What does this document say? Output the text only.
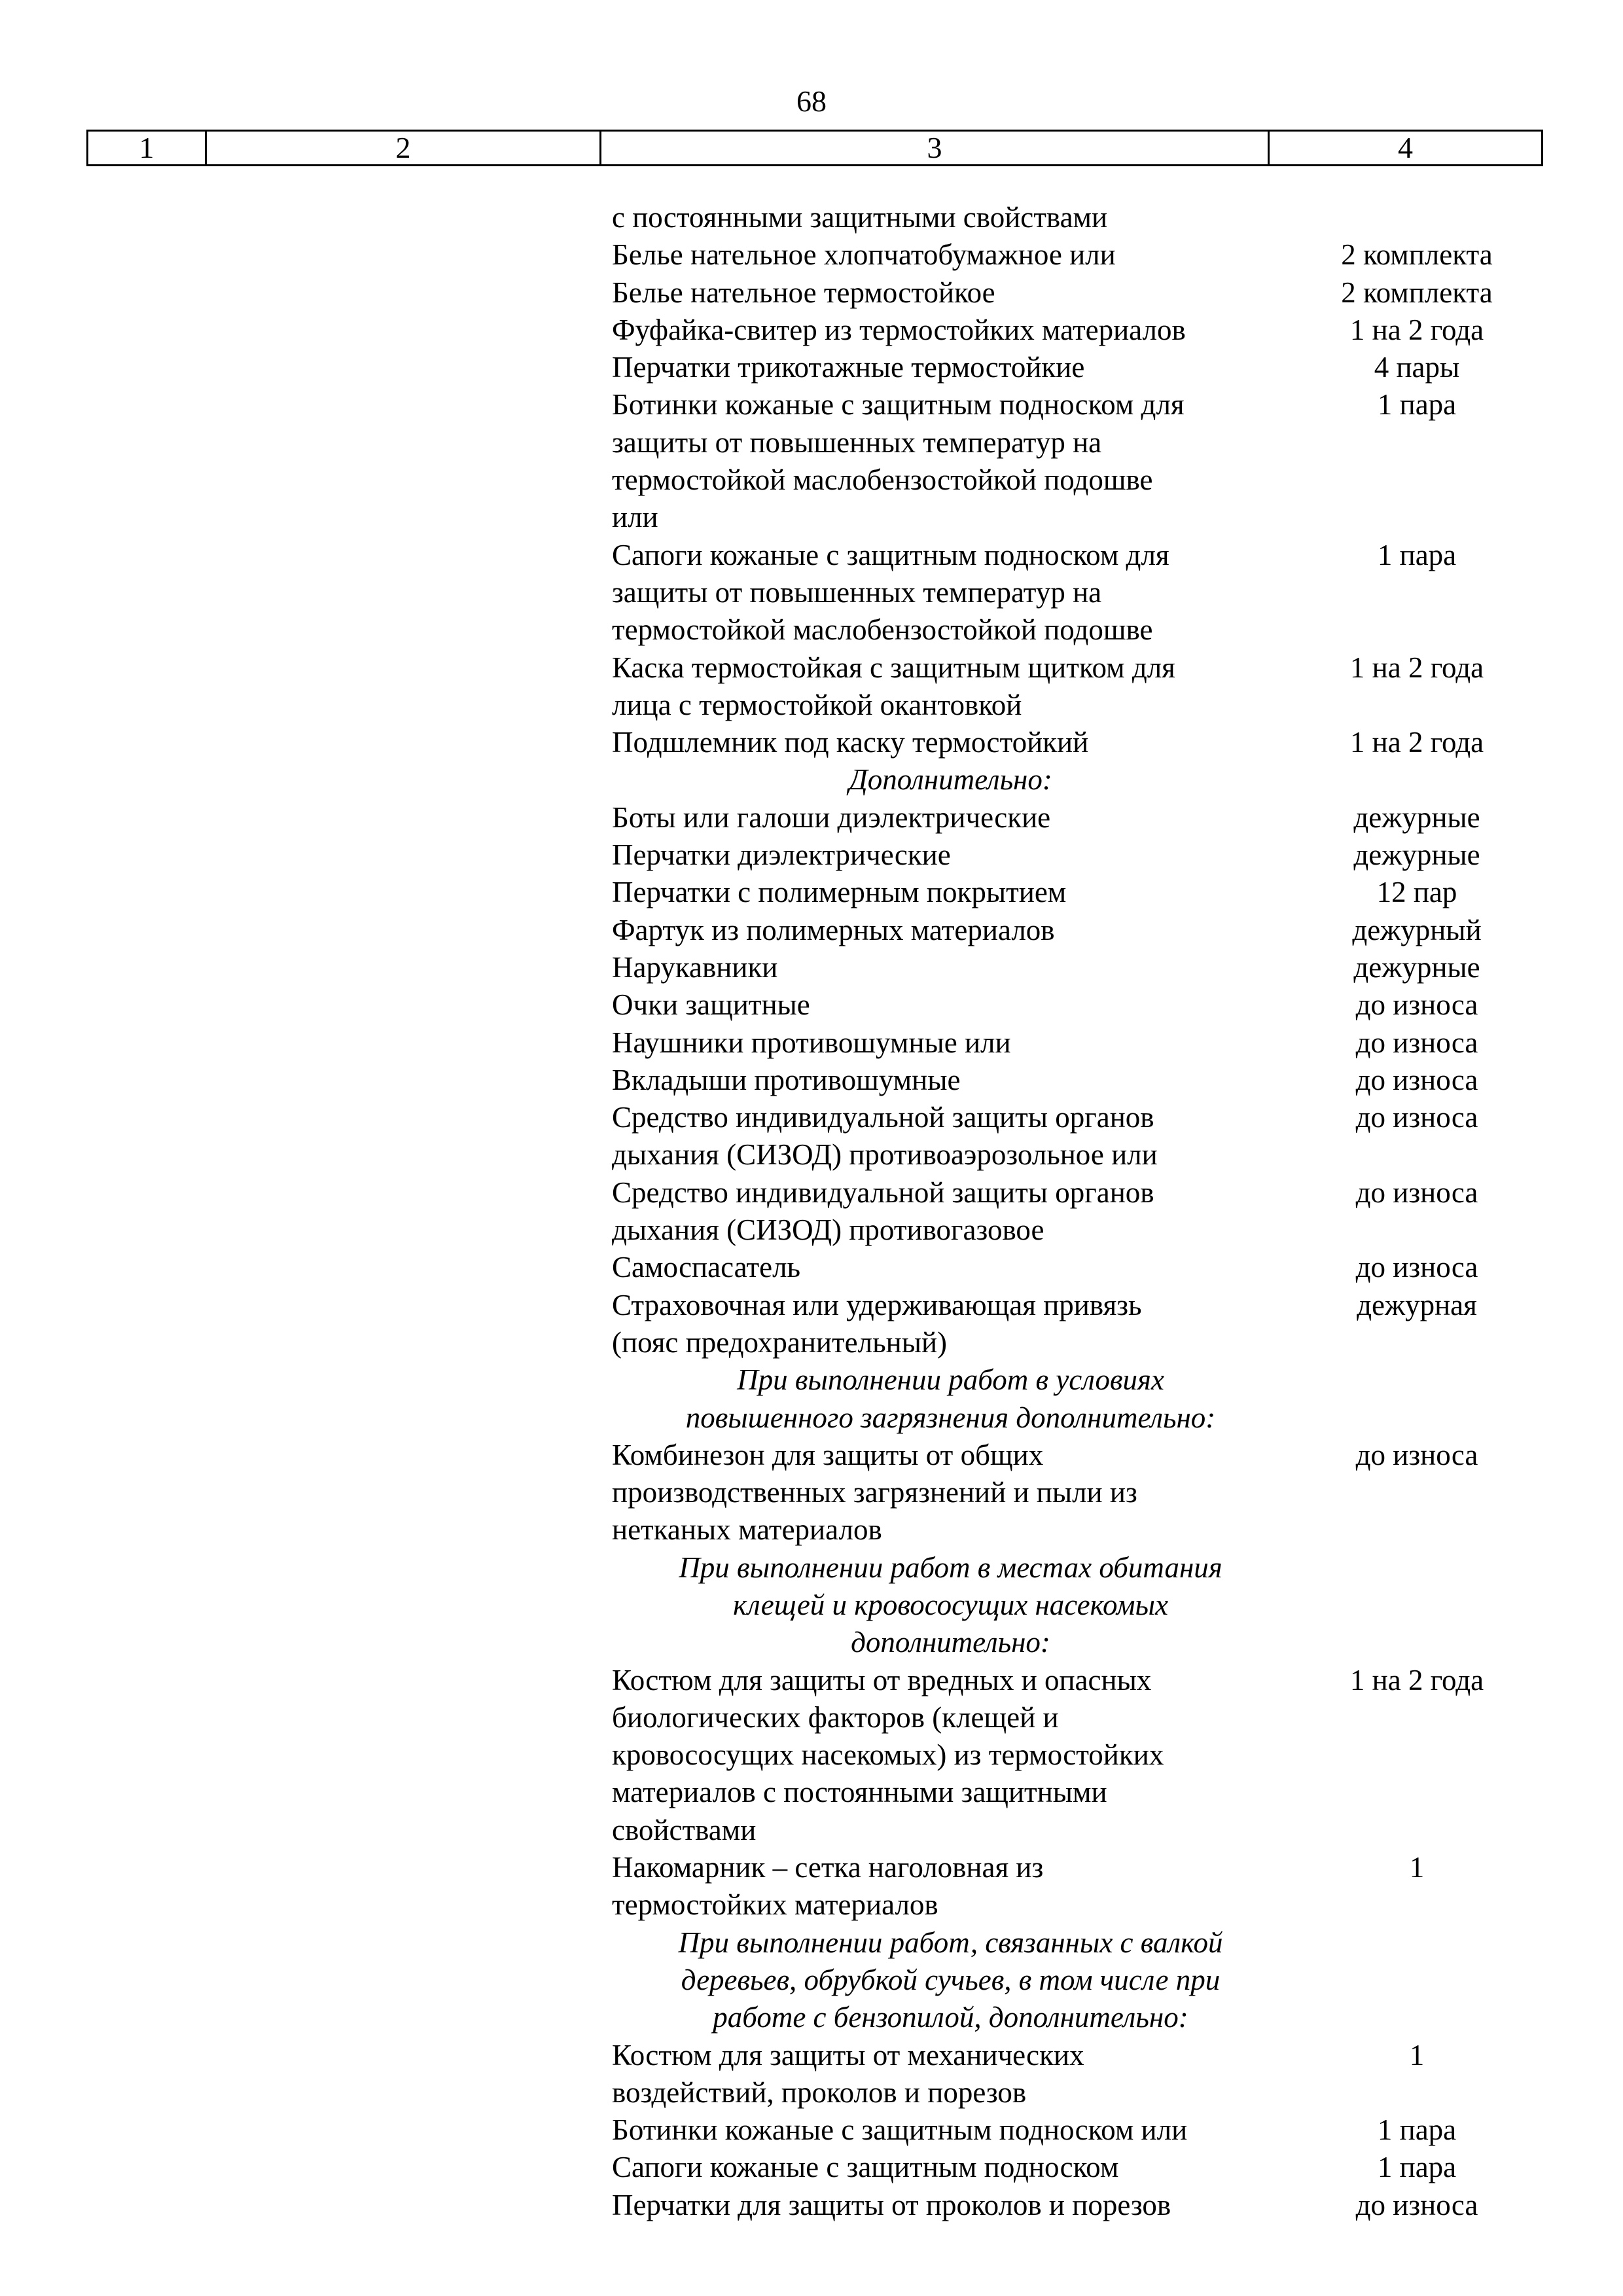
68
1	2	3	4
с постоянными защитными свойствами
Белье нательное хлопчатобумажное или	2 комплекта
Белье нательное термостойкое	2 комплекта
Фуфайка-свитер из термостойких материалов	1 на 2 года
Перчатки трикотажные термостойкие	4 пары
Ботинки кожаные с защитным подноском для	1 пара
защиты от повышенных температур на
термостойкой маслобензостойкой подошве
или
Сапоги кожаные с защитным подноском для	1 пара
защиты от повышенных температур на
термостойкой маслобензостойкой подошве
Каска термостойкая с защитным щитком для	1 на 2 года
лица с термостойкой окантовкой
Подшлемник под каску термостойкий	1 на 2 года
Дополнительно:
Боты или галоши диэлектрические	дежурные
Перчатки диэлектрические	дежурные
Перчатки с полимерным покрытием	12 пар
Фартук из полимерных материалов	дежурный
Нарукавники	дежурные
Очки защитные	до износа
Наушники противошумные или	до износа
Вкладыши противошумные	до износа
Средство индивидуальной защиты органов	до износа
дыхания (СИЗОД) противоаэрозольное или
Средство индивидуальной защиты органов	до износа
дыхания (СИЗОД) противогазовое
Самоспасатель	до износа
Страховочная или удерживающая привязь	дежурная
(пояс предохранительный)
При выполнении работ в условиях
повышенного загрязнения дополнительно:
Комбинезон для защиты от общих	до износа
производственных загрязнений и пыли из
нетканых материалов
При выполнении работ в местах обитания
клещей и кровососущих насекомых
дополнительно:
Костюм для защиты от вредных и опасных	1 на 2 года
биологических факторов (клещей и
кровососущих насекомых) из термостойких
материалов с постоянными защитными
свойствами
Накомарник – сетка наголовная из	1
термостойких материалов
При выполнении работ, связанных с валкой
деревьев, обрубкой сучьев, в том числе при
работе с бензопилой, дополнительно:
Костюм для защиты от механических	1
воздействий, проколов и порезов
Ботинки кожаные с защитным подноском или	1 пара
Сапоги кожаные с защитным подноском	1 пара
Перчатки для защиты от проколов и порезов	до износа
